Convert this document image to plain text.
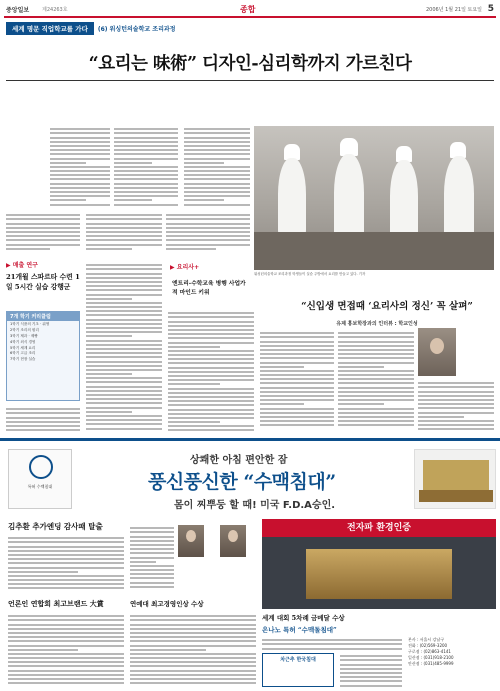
중앙일보	제24263호	종합	2006년 1월 21일 토요일 5
세계 명문 직업학교를 가다	(6) 워싱턴의술학교 조리과정
“요리는 味術” 디자인-심리학까지 가르친다
워싱턴의술학교 조리과정 학생들이 실습 주방에서 요리를 만들고 있다. 기자
▶ 매출 연구
21개월 스파르타 수련 1일 5시간 실습 강행군
7개 학기 커리큘럼
1학기 식품의 기초 · 위생
2학기 조리의 원리
3학기 제과 · 제빵
4학기 외식 경영
5학기 세계 요리
6학기 고급 조리
7학기 현장 실습
▶ 요리사+
엔트리-수학교육 병행 사업가적 마인드 키워
“신입생 면접때 ‘요리사의 정신’ 꼭 살펴”
유제 홍보학장과의 인터뷰 : 학교인성
특허 수맥침대
상쾌한 아침 편안한 잠
풍신풍신한 “수맥침대”
몸이 찌뿌둥 할 때! 미국 F.D.A승인.
김추환 추가엔딩 감사패 탈출	전자파 환경인증
언론인 연합회 최고브랜드 大賞	연예대 최고경영인상 수상
세계 대회 5차례 금메달 수상
은나노 특허 “수맥돌침대”
차근추 한국침대
본사 : 서울시 강남구
전화 : (02)569-3200
구로점 : (02)863-4141
일산점 : (031)918-2100
안산점 : (031)485-9999
